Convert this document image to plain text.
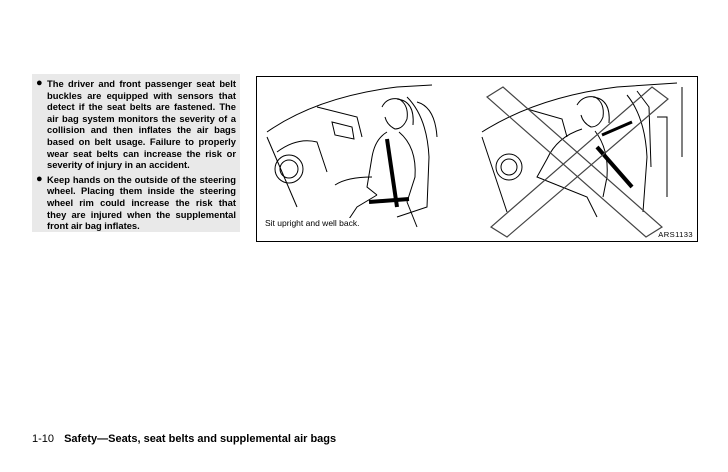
● The driver and front passenger seat belt buckles are equipped with sensors that detect if the seat belts are fastened. The air bag system monitors the severity of a collision and then inflates the air bags based on belt usage. Failure to properly wear seat belts can increase the risk or severity of injury in an accident.
● Keep hands on the outside of the steering wheel. Placing them inside the steering wheel rim could increase the risk that they are injured when the supplemental front air bag inflates.	Sit upright and well back.
ARS1133
1-10 Safety—Seats, seat belts and supplemental air bags
